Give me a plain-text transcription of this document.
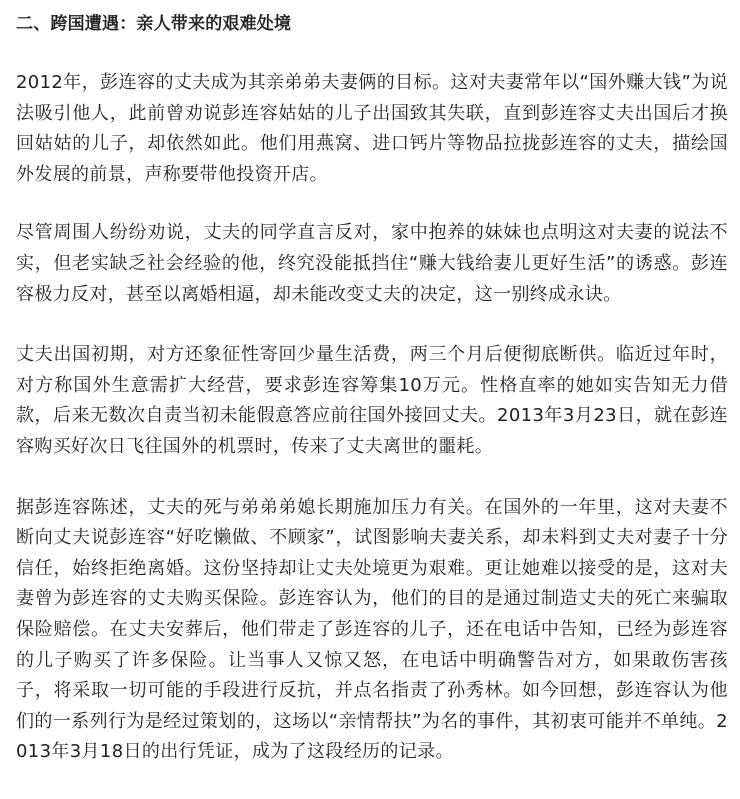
二、跨国遭遇：亲人带来的艰难处境

2012年，彭连容的丈夫成为其亲弟弟夫妻俩的目标。这对夫妻常年以“国外赚大钱”为说法吸引他人，此前曾劝说彭连容姑姑的儿子出国致其失联，直到彭连容丈夫出国后才换回姑姑的儿子，却依然如此。他们用燕窝、进口钙片等物品拉拢彭连容的丈夫，描绘国外发展的前景，声称要带他投资开店。

尽管周围人纷纷劝说，丈夫的同学直言反对，家中抱养的妹妹也点明这对夫妻的说法不实，但老实缺乏社会经验的他，终究没能抵挡住“赚大钱给妻儿更好生活”的诱惑。彭连容极力反对，甚至以离婚相逼，却未能改变丈夫的决定，这一别终成永诀。

丈夫出国初期，对方还象征性寄回少量生活费，两三个月后便彻底断供。临近过年时，对方称国外生意需扩大经营，要求彭连容筹集10万元。性格直率的她如实告知无力借款，后来无数次自责当初未能假意答应前往国外接回丈夫。2013年3月23日，就在彭连容购买好次日飞往国外的机票时，传来了丈夫离世的噩耗。

据彭连容陈述，丈夫的死与弟弟弟媳长期施加压力有关。在国外的一年里，这对夫妻不断向丈夫说彭连容“好吃懒做、不顾家”，试图影响夫妻关系，却未料到丈夫对妻子十分信任，始终拒绝离婚。这份坚持却让丈夫处境更为艰难。更让她难以接受的是，这对夫妻曾为彭连容的丈夫购买保险。彭连容认为，他们的目的是通过制造丈夫的死亡来骗取保险赔偿。在丈夫安葬后，他们带走了彭连容的儿子，还在电话中告知，已经为彭连容的儿子购买了许多保险。让当事人又惊又怒，在电话中明确警告对方，如果敢伤害孩子，将采取一切可能的手段进行反抗，并点名指责了孙秀林。如今回想，彭连容认为他们的一系列行为是经过策划的，这场以“亲情帮扶”为名的事件，其初衷可能并不单纯。2013年3月18日的出行凭证，成为了这段经历的记录。
